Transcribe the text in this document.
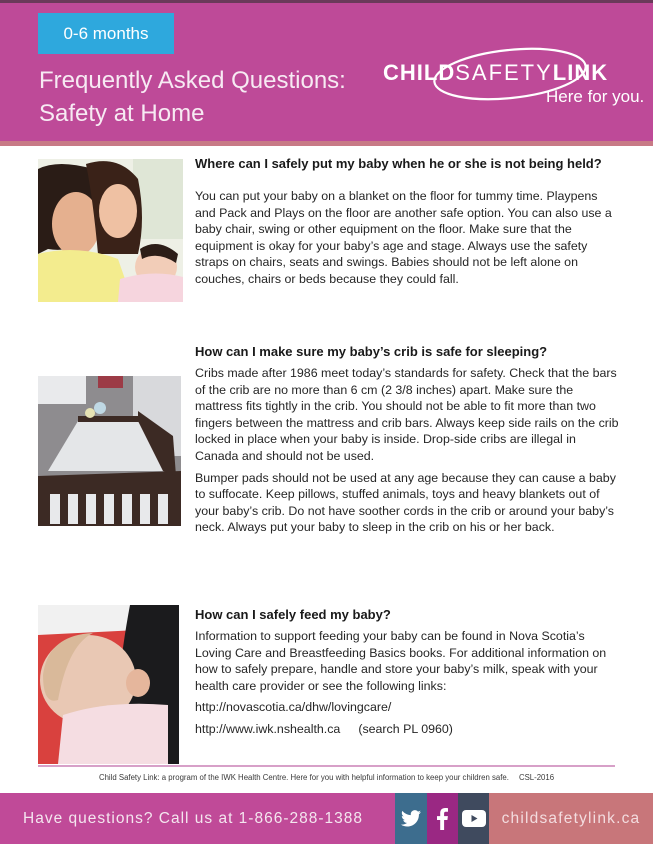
0-6 months
Frequently Asked Questions:
Safety at Home
CHILDSAFETYLINK
Here for you.
Where can I safely put my baby when he or she is not being held?

You can put your baby on a blanket on the floor for tummy time. Playpens and Pack and Plays on the floor are another safe option. You can also use a baby chair, swing or other equipment on the floor. Make sure that the equipment is okay for your baby’s age and stage. Always use the safety straps on chairs, seats and swings. Babies should not be left alone on couches, chairs or beds because they could fall.

How can I make sure my baby’s crib is safe for sleeping?

Cribs made after 1986 meet today’s standards for safety. Check that the bars of the crib are no more than 6 cm (2 3/8 inches) apart. Make sure the mattress fits tightly in the crib. You should not be able to fit more than two fingers between the mattress and crib bars. Always keep side rails on the crib locked in place when your baby is inside. Drop-side cribs are illegal in Canada and should not be used.

Bumper pads should not be used at any age because they can cause a baby to suffocate. Keep pillows, stuffed animals, toys and heavy blankets out of your baby’s crib. Do not have soother cords in the crib or around your baby’s neck. Always put your baby to sleep in the crib on his or her back.

How can I safely feed my baby?

Information to support feeding your baby can be found in Nova Scotia’s Loving Care and Breastfeeding Basics books. For additional information on how to safely prepare, handle and store your baby’s milk, speak with your health care provider or see the following links:

http://novascotia.ca/dhw/lovingcare/
http://www.iwk.nshealth.ca (search PL 0960)
Child Safety Link: a program of the IWK Health Centre. Here for you with helpful information to keep your children safe. CSL-2016
Have questions? Call us at 1-866-288-1388	childsafetylink.ca
